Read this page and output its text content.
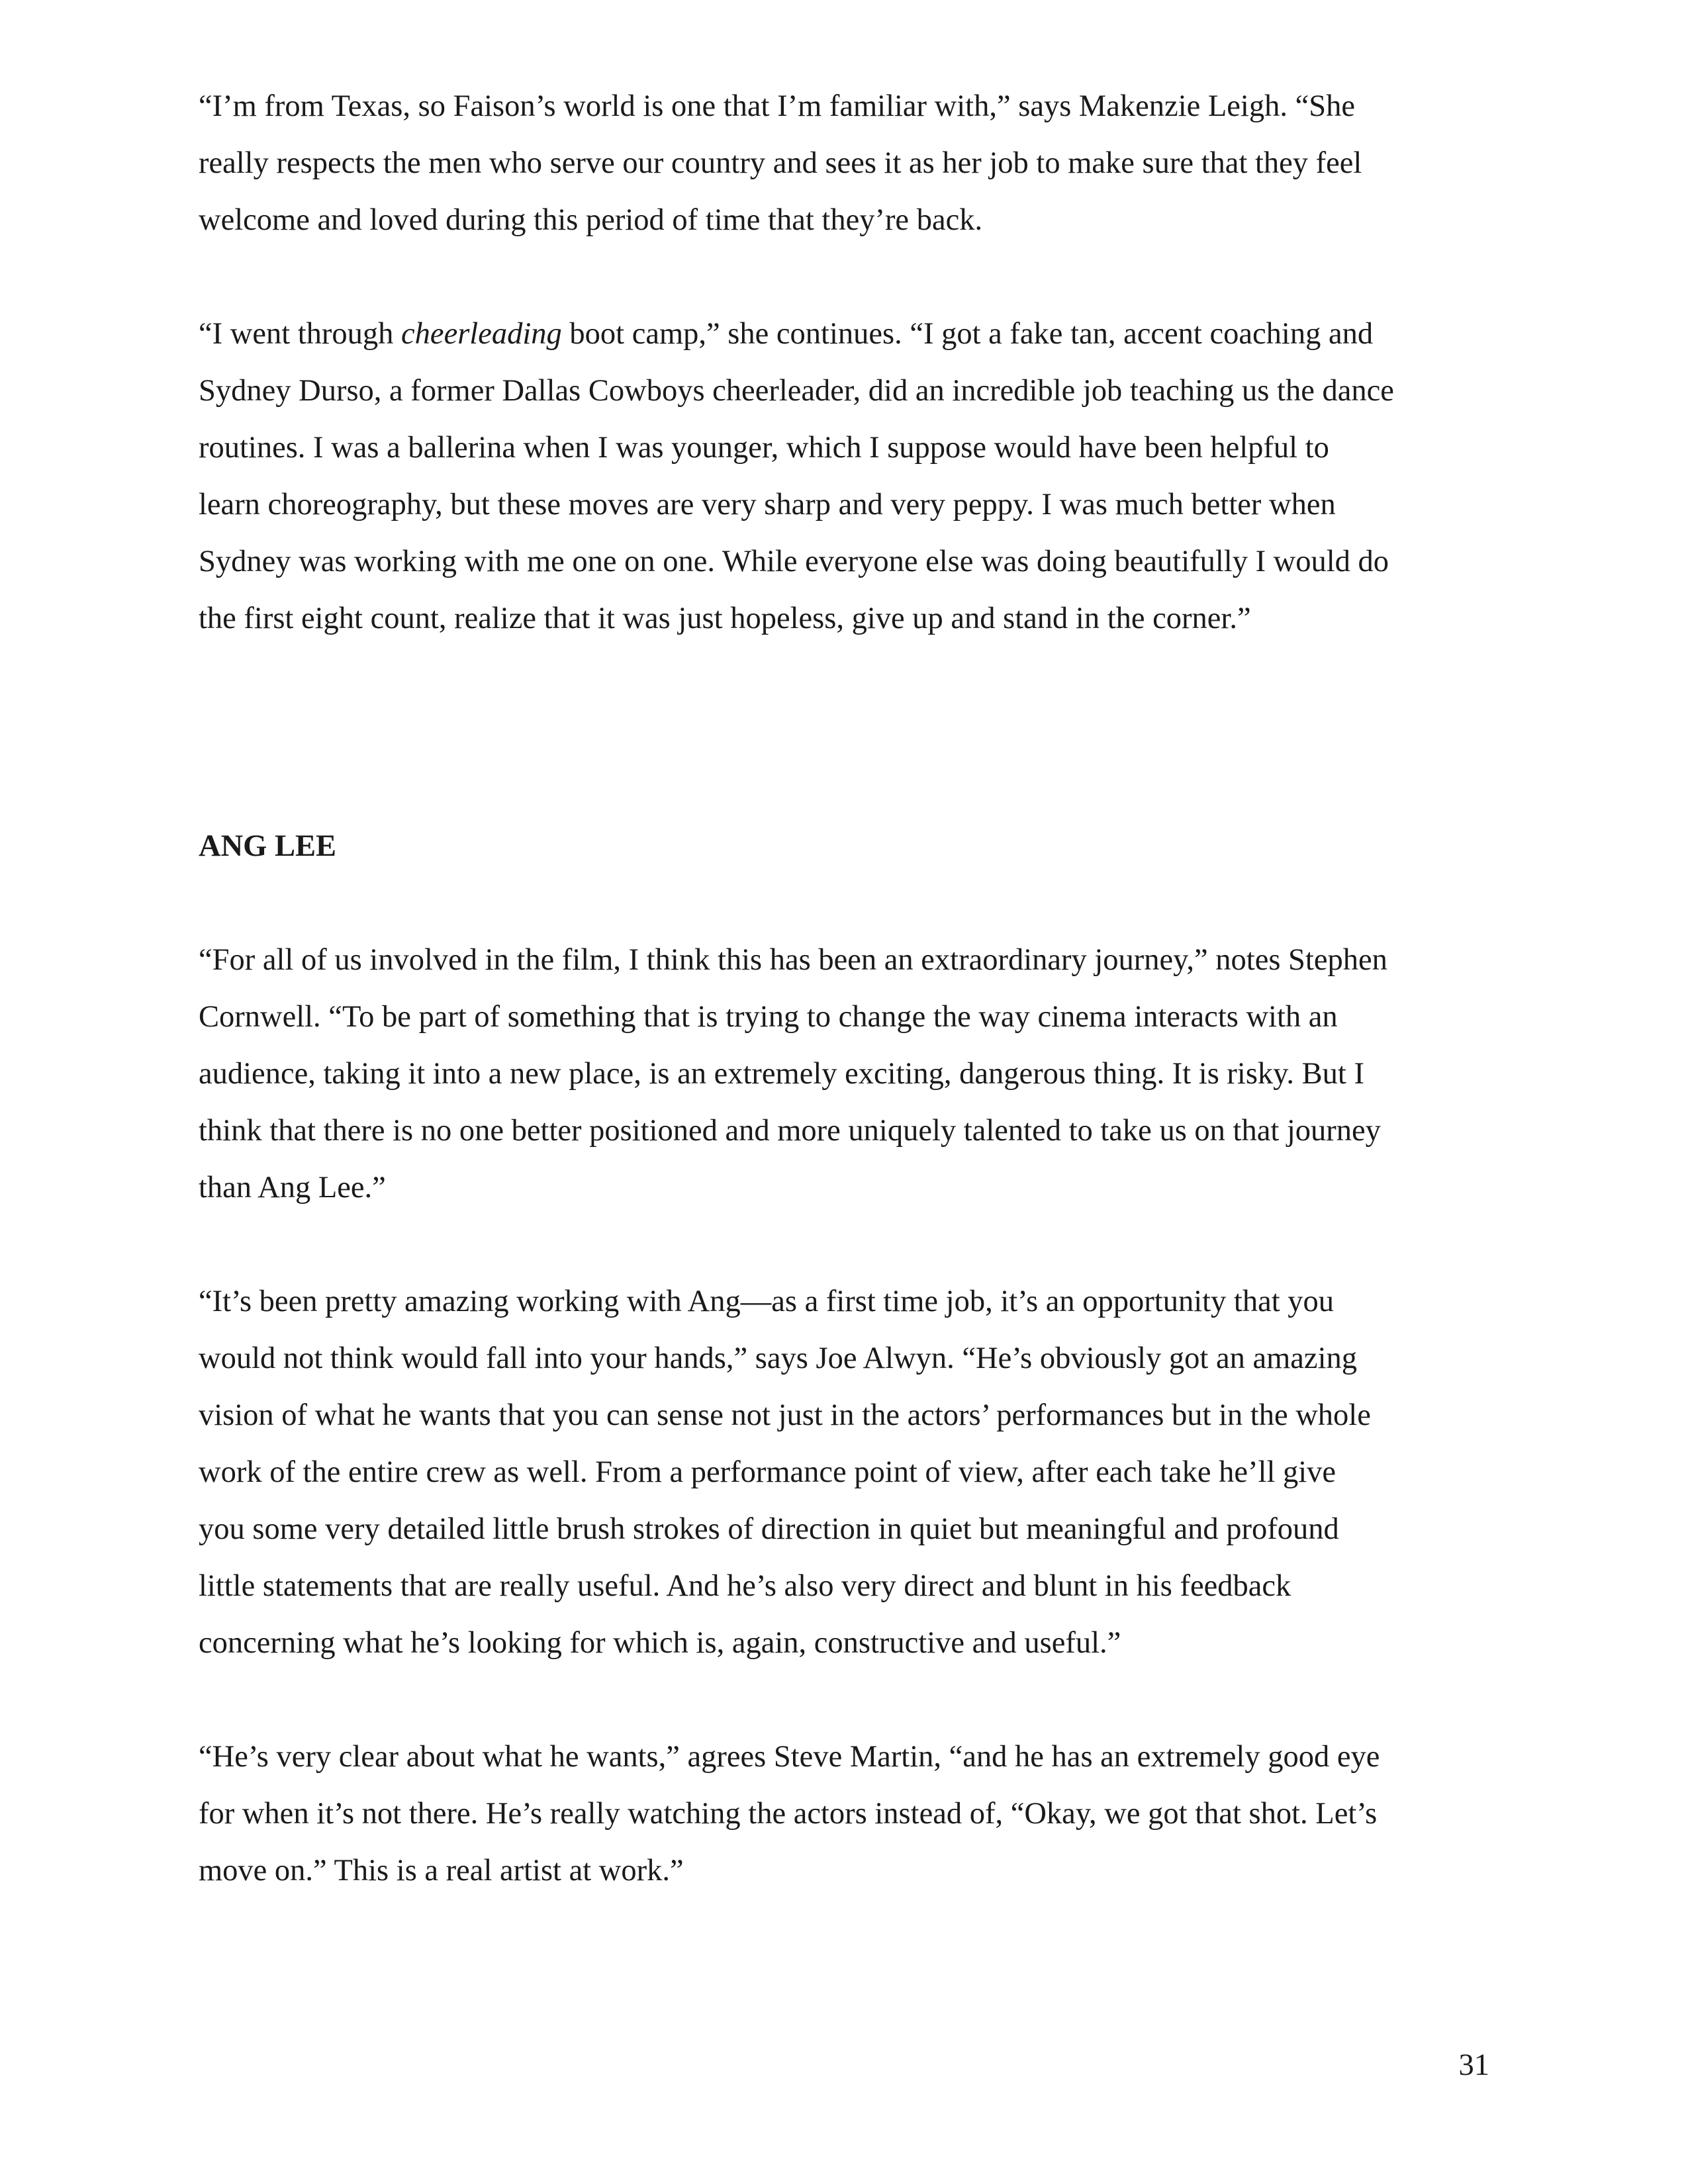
“I’m from Texas, so Faison’s world is one that I’m familiar with,” says Makenzie Leigh. “She
really respects the men who serve our country and sees it as her job to make sure that they feel
welcome and loved during this period of time that they’re back.

“I went through cheerleading boot camp,” she continues. “I got a fake tan, accent coaching and
Sydney Durso, a former Dallas Cowboys cheerleader, did an incredible job teaching us the dance
routines. I was a ballerina when I was younger, which I suppose would have been helpful to
learn choreography, but these moves are very sharp and very peppy. I was much better when
Sydney was working with me one on one. While everyone else was doing beautifully I would do
the first eight count, realize that it was just hopeless, give up and stand in the corner.”

ANG LEE

“For all of us involved in the film, I think this has been an extraordinary journey,” notes Stephen
Cornwell. “To be part of something that is trying to change the way cinema interacts with an
audience, taking it into a new place, is an extremely exciting, dangerous thing. It is risky. But I
think that there is no one better positioned and more uniquely talented to take us on that journey
than Ang Lee.”

“It’s been pretty amazing working with Ang—as a first time job, it’s an opportunity that you
would not think would fall into your hands,” says Joe Alwyn. “He’s obviously got an amazing
vision of what he wants that you can sense not just in the actors’ performances but in the whole
work of the entire crew as well. From a performance point of view, after each take he’ll give
you some very detailed little brush strokes of direction in quiet but meaningful and profound
little statements that are really useful. And he’s also very direct and blunt in his feedback
concerning what he’s looking for which is, again, constructive and useful.”

“He’s very clear about what he wants,” agrees Steve Martin, “and he has an extremely good eye
for when it’s not there. He’s really watching the actors instead of, “Okay, we got that shot. Let’s
move on.” This is a real artist at work.”

31
